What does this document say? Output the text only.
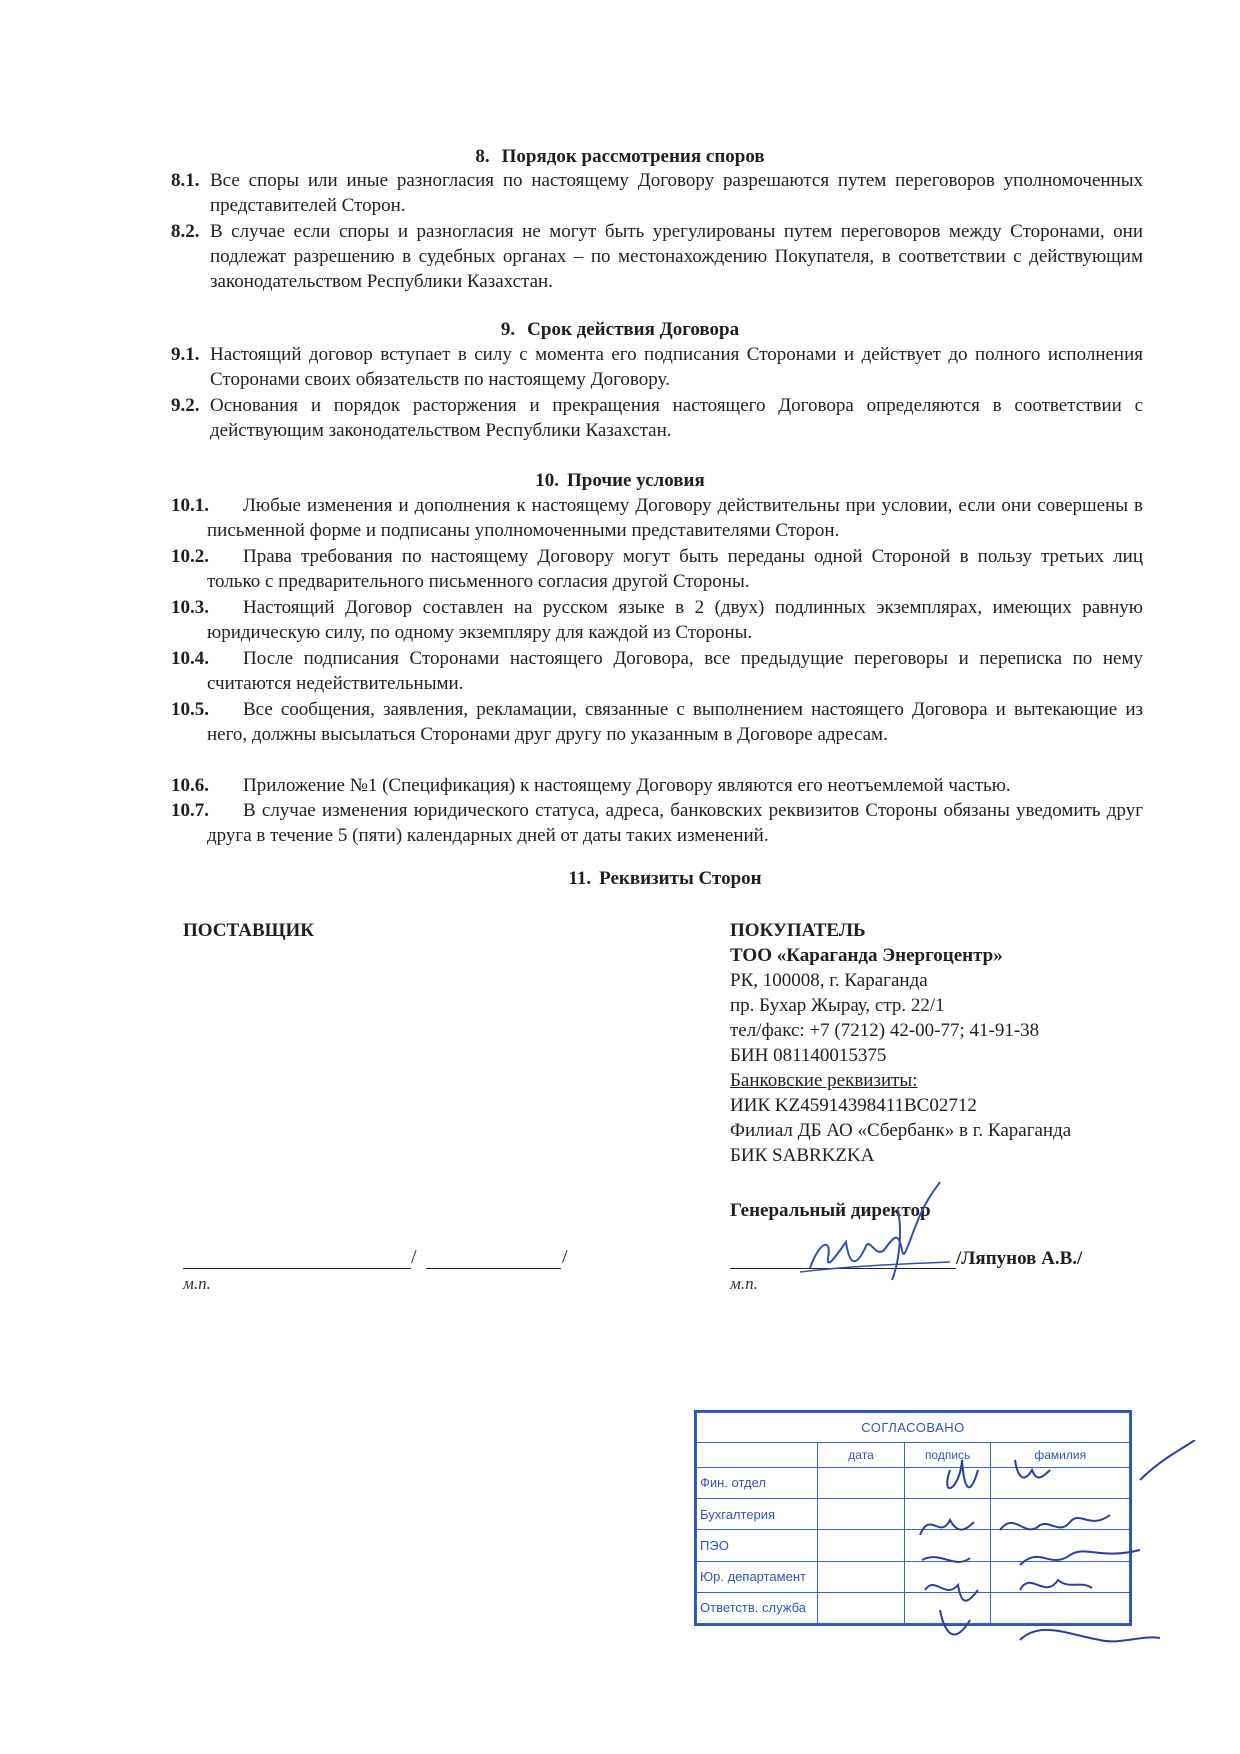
8. Порядок рассмотрения споров
8.1. Все споры или иные разногласия по настоящему Договору разрешаются путем переговоров уполномоченных представителей Сторон.
8.2. В случае если споры и разногласия не могут быть урегулированы путем переговоров между Сторонами, они подлежат разрешению в судебных органах – по местонахождению Покупателя, в соответствии с действующим законодательством Республики Казахстан.
9. Срок действия Договора
9.1. Настоящий договор вступает в силу с момента его подписания Сторонами и действует до полного исполнения Сторонами своих обязательств по настоящему Договору.
9.2. Основания и порядок расторжения и прекращения настоящего Договора определяются в соответствии с действующим законодательством Республики Казахстан.
10. Прочие условия
10.1.	Любые изменения и дополнения к настоящему Договору действительны при условии, если они совершены в письменной форме и подписаны уполномоченными представителями Сторон.
10.2.	Права требования по настоящему Договору могут быть переданы одной Стороной в пользу третьих лиц только с предварительного письменного согласия другой Стороны.
10.3.	Настоящий Договор составлен на русском языке в 2 (двух) подлинных экземплярах, имеющих равную юридическую силу, по одному экземпляру для каждой из Стороны.
10.4.	После подписания Сторонами настоящего Договора, все предыдущие переговоры и переписка по нему считаются недействительными.
10.5.	Все сообщения, заявления, рекламации, связанные с выполнением настоящего Договора и вытекающие из него, должны высылаться Сторонами друг другу по указанным в Договоре адресам.
10.6.	Приложение №1 (Спецификация) к настоящему Договору являются его неотъемлемой частью.
10.7.	В случае изменения юридического статуса, адреса, банковских реквизитов Стороны обязаны уведомить друг друга в течение 5 (пяти) календарных дней от даты таких изменений.
11. Реквизиты Сторон
ПОСТАВЩИК
/	/
м.п.
ПОКУПАТЕЛЬ
ТОО «Караганда Энергоцентр»
РК, 100008, г. Караганда
пр. Бухар Жырау, стр. 22/1
тел/факс: +7 (7212) 42-00-77; 41-91-38
БИН 081140015375
Банковские реквизиты:
ИИК KZ45914398411BC02712
Филиал ДБ АО «Сбербанк» в г. Караганда
БИК SABRKZKA
Генеральный директор
/Ляпунов А.В./
м.п.
СОГЛАСОВАНО			
	дата	подпись	фамилия
Фин. отдел			
Бухгалтерия			
ПЭО			
Юр. департамент			
Ответств. служба			
